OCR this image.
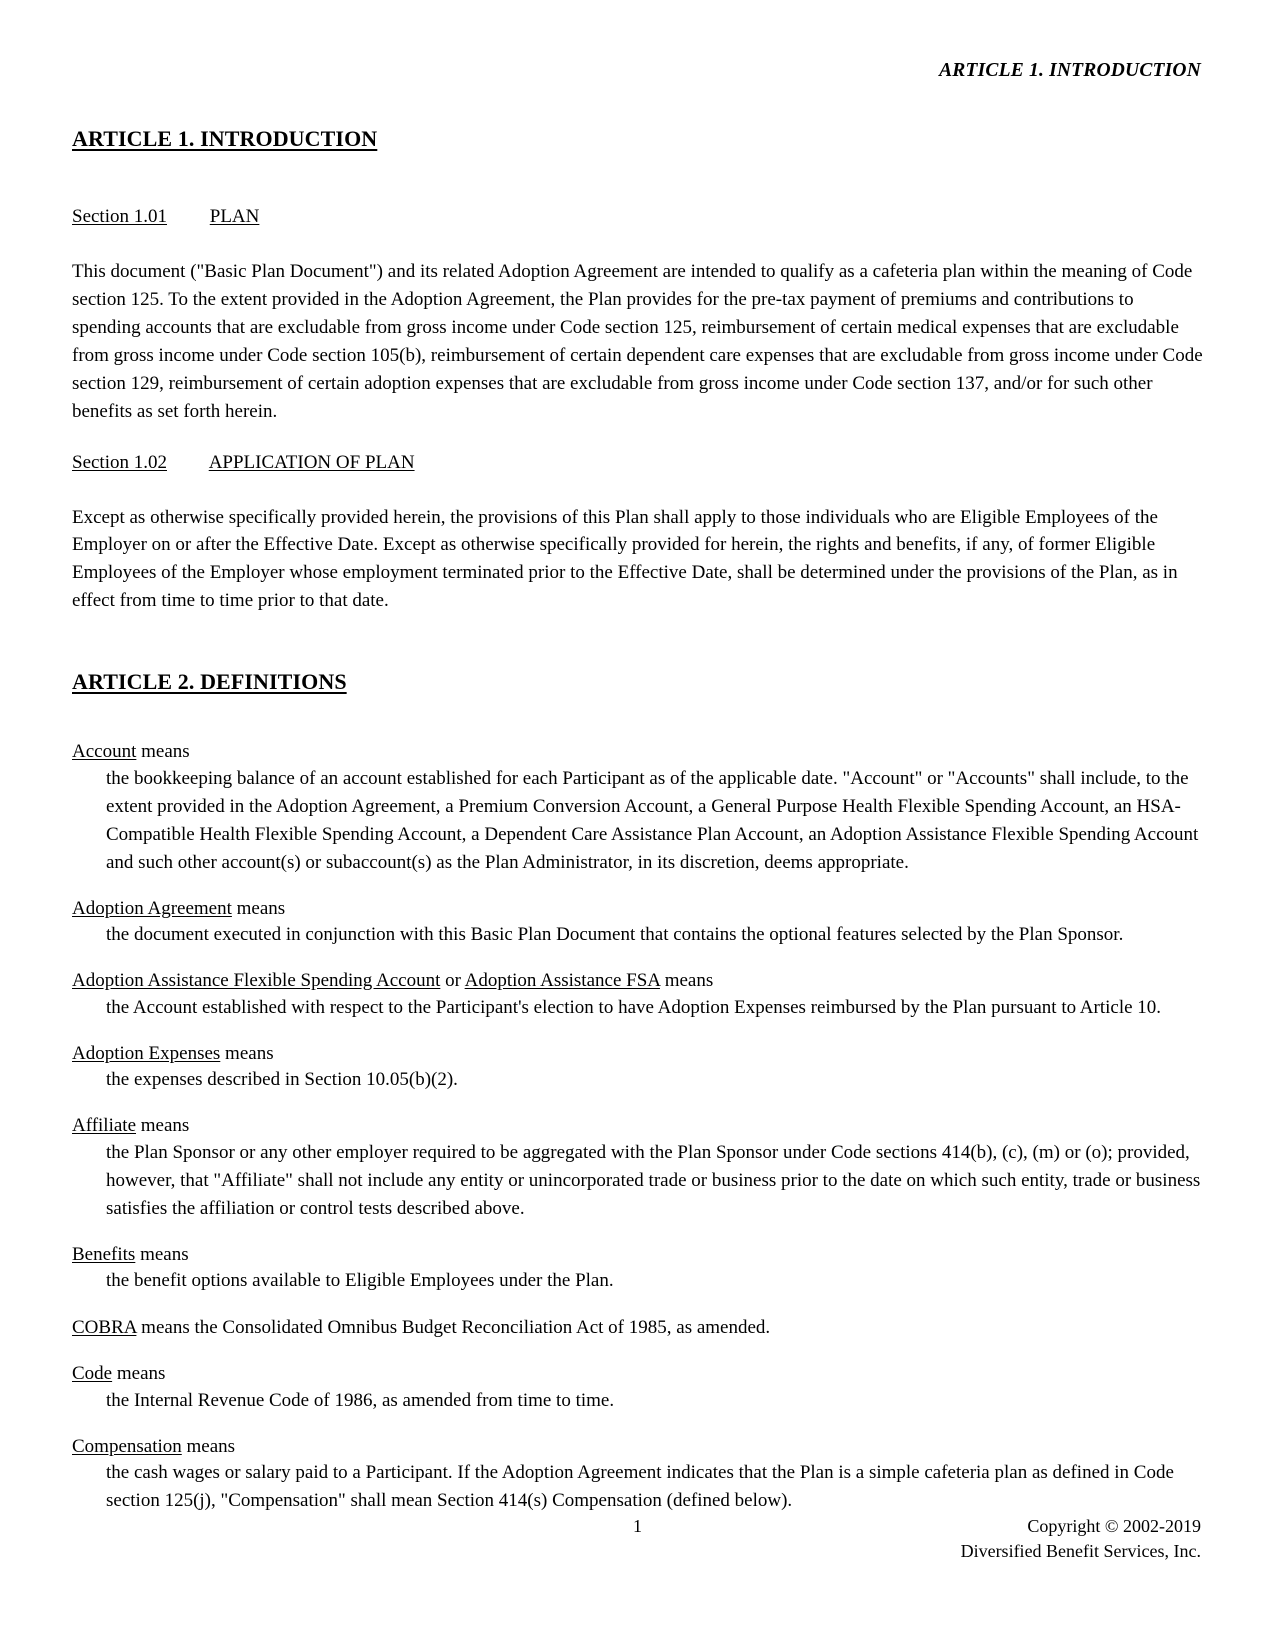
ARTICLE 1. INTRODUCTION
ARTICLE 1. INTRODUCTION
Section 1.01 PLAN
This document ("Basic Plan Document") and its related Adoption Agreement are intended to qualify as a cafeteria plan within the meaning of Code section 125. To the extent provided in the Adoption Agreement, the Plan provides for the pre-tax payment of premiums and contributions to spending accounts that are excludable from gross income under Code section 125, reimbursement of certain medical expenses that are excludable from gross income under Code section 105(b), reimbursement of certain dependent care expenses that are excludable from gross income under Code section 129, reimbursement of certain adoption expenses that are excludable from gross income under Code section 137, and/or for such other benefits as set forth herein.
Section 1.02 APPLICATION OF PLAN
Except as otherwise specifically provided herein, the provisions of this Plan shall apply to those individuals who are Eligible Employees of the Employer on or after the Effective Date. Except as otherwise specifically provided for herein, the rights and benefits, if any, of former Eligible Employees of the Employer whose employment terminated prior to the Effective Date, shall be determined under the provisions of the Plan, as in effect from time to time prior to that date.
ARTICLE 2. DEFINITIONS
Account means
the bookkeeping balance of an account established for each Participant as of the applicable date. "Account" or "Accounts" shall include, to the extent provided in the Adoption Agreement, a Premium Conversion Account, a General Purpose Health Flexible Spending Account, an HSA-Compatible Health Flexible Spending Account, a Dependent Care Assistance Plan Account, an Adoption Assistance Flexible Spending Account and such other account(s) or subaccount(s) as the Plan Administrator, in its discretion, deems appropriate.
Adoption Agreement means
the document executed in conjunction with this Basic Plan Document that contains the optional features selected by the Plan Sponsor.
Adoption Assistance Flexible Spending Account or Adoption Assistance FSA means
the Account established with respect to the Participant's election to have Adoption Expenses reimbursed by the Plan pursuant to Article 10.
Adoption Expenses means
the expenses described in Section 10.05(b)(2).
Affiliate means
the Plan Sponsor or any other employer required to be aggregated with the Plan Sponsor under Code sections 414(b), (c), (m) or (o); provided, however, that "Affiliate" shall not include any entity or unincorporated trade or business prior to the date on which such entity, trade or business satisfies the affiliation or control tests described above.
Benefits means
the benefit options available to Eligible Employees under the Plan.
COBRA means the Consolidated Omnibus Budget Reconciliation Act of 1985, as amended.
Code means
the Internal Revenue Code of 1986, as amended from time to time.
Compensation means
the cash wages or salary paid to a Participant. If the Adoption Agreement indicates that the Plan is a simple cafeteria plan as defined in Code section 125(j), "Compensation" shall mean Section 414(s) Compensation (defined below).
1	Copyright © 2002-2019
Diversified Benefit Services, Inc.
